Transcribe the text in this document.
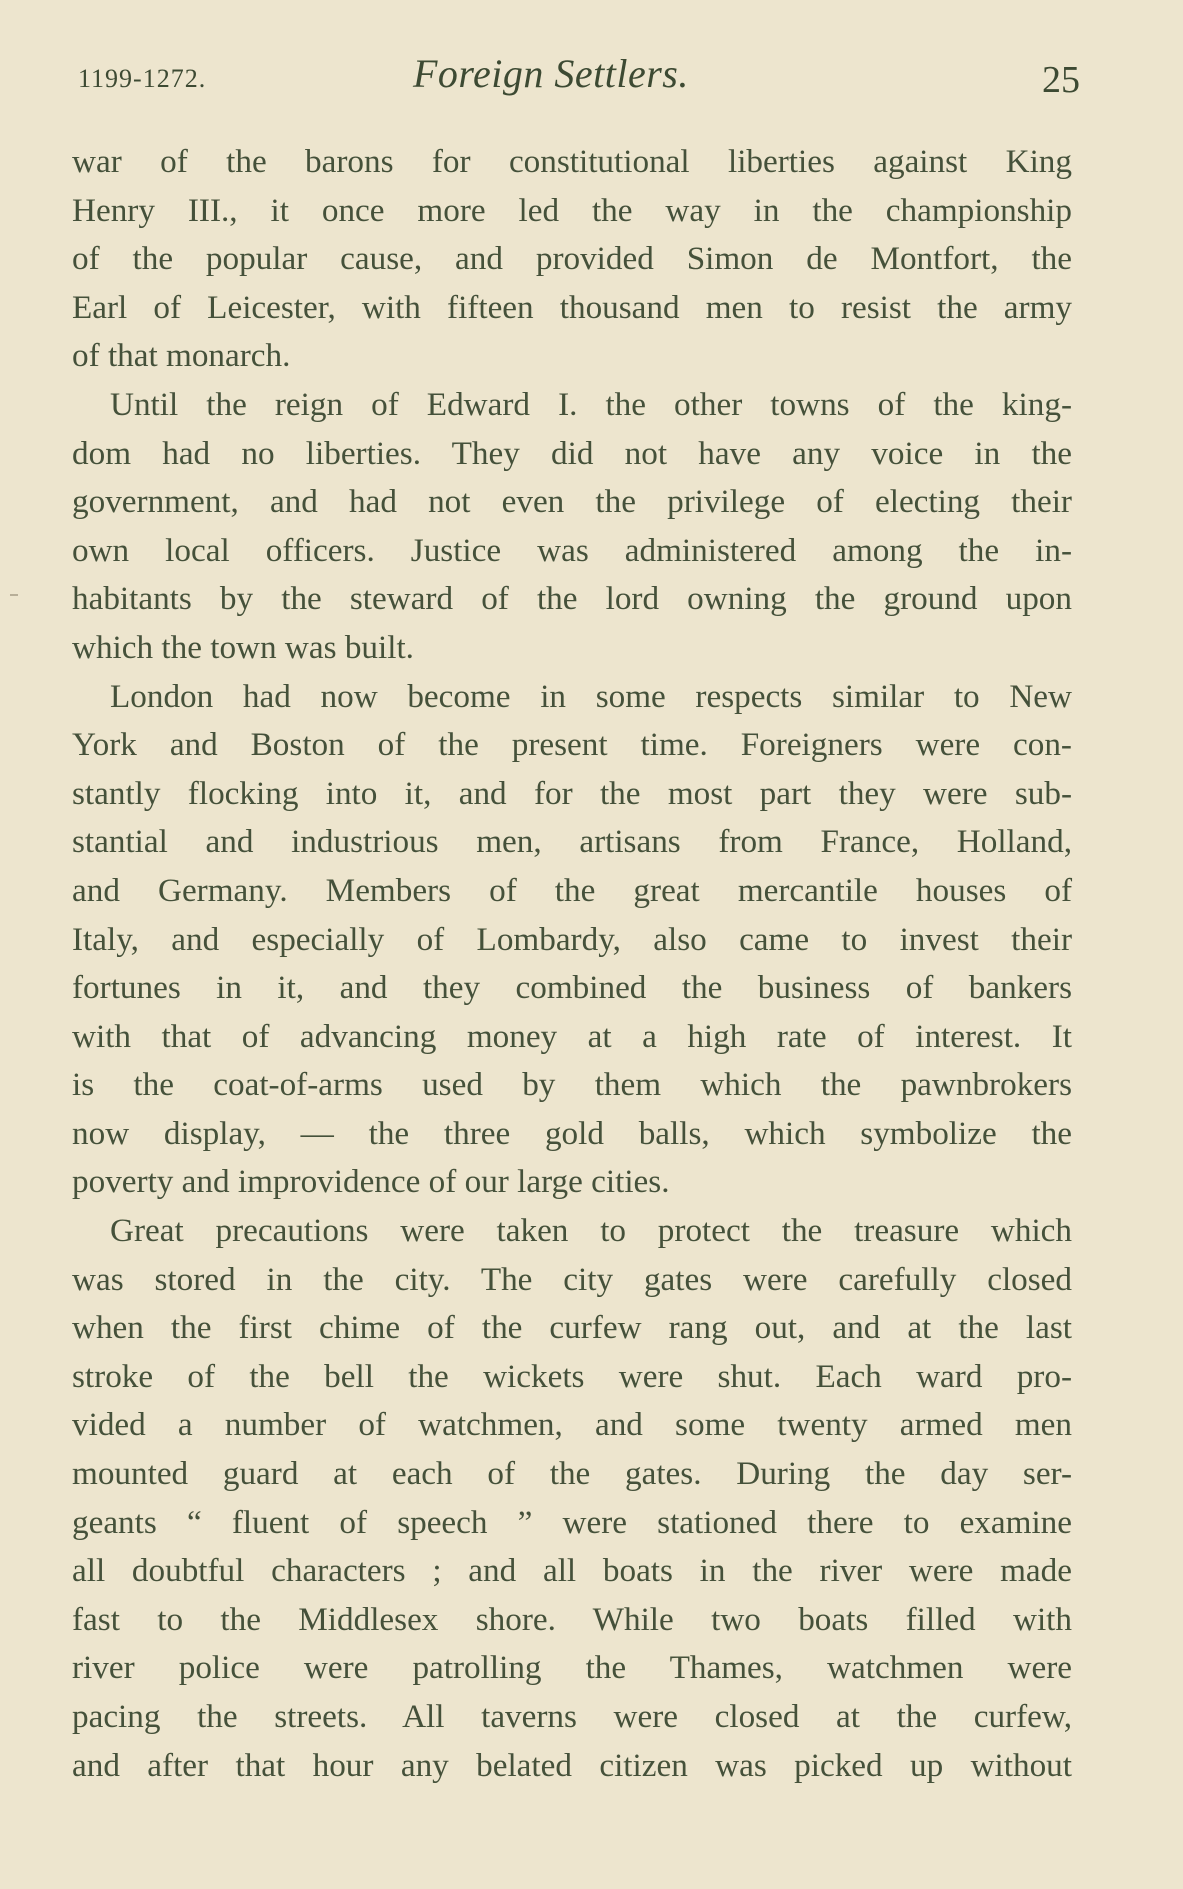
1199-1272.	Foreign Settlers.	25
war of the barons for constitutional liberties against King
Henry III., it once more led the way in the championship
of the popular cause, and provided Simon de Montfort, the
Earl of Leicester, with fifteen thousand men to resist the army
of that monarch.
Until the reign of Edward I. the other towns of the king-
dom had no liberties. They did not have any voice in the
government, and had not even the privilege of electing their
own local officers. Justice was administered among the in-
habitants by the steward of the lord owning the ground upon
which the town was built.
London had now become in some respects similar to New
York and Boston of the present time. Foreigners were con-
stantly flocking into it, and for the most part they were sub-
stantial and industrious men, artisans from France, Holland,
and Germany. Members of the great mercantile houses of
Italy, and especially of Lombardy, also came to invest their
fortunes in it, and they combined the business of bankers
with that of advancing money at a high rate of interest. It
is the coat-of-arms used by them which the pawnbrokers
now display, — the three gold balls, which symbolize the
poverty and improvidence of our large cities.
Great precautions were taken to protect the treasure which
was stored in the city. The city gates were carefully closed
when the first chime of the curfew rang out, and at the last
stroke of the bell the wickets were shut. Each ward pro-
vided a number of watchmen, and some twenty armed men
mounted guard at each of the gates. During the day ser-
geants “ fluent of speech ” were stationed there to examine
all doubtful characters ; and all boats in the river were made
fast to the Middlesex shore. While two boats filled with
river police were patrolling the Thames, watchmen were
pacing the streets. All taverns were closed at the curfew,
and after that hour any belated citizen was picked up without
